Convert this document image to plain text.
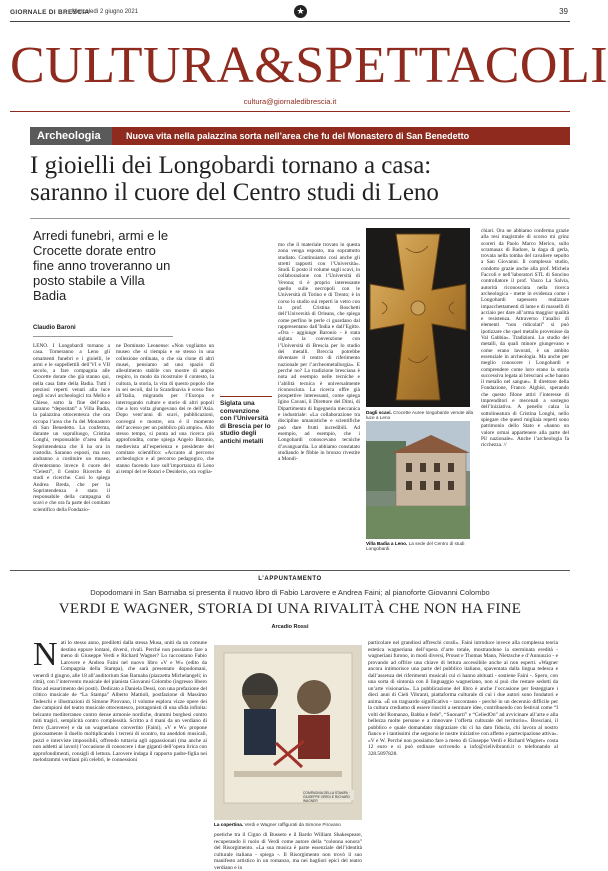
GIORNALE DI BRESCIA
Mercoledì 2 giugno 2021	★	39
CULTURA&SPETTACOLI
cultura@giornaledibrescia.it
Archeologia	Nuova vita nella palazzina sorta nell’area che fu del Monastero di San Benedetto
I gioielli dei Longobardi tornano a casa:
saranno il cuore del Centro studi di Leno
Arredi funebri, armi e le Crocette dorate entro fine anno troveranno un posto stabile a Villa Badia
Claudio Baroni

LENO. I Longobardi tornano a casa. Torneranno a Leno gli ornamenti funebri e i gioielli, le armi e le suppellettili dell’VI e VII secolo, a fare compagnia alle Crocette dorate che già stanno qui, nella casa fatte della Badia. Tutti i preziosi reperti venuti alla luce negli scavi archeologici tra Mello e Chiese, sotto la fine dell’anno saranno “depositati” a Villa Badia, la palazzina ottocentesca che ora occupa l’area che fu del Monastero di San Benedetto. La conferma, durante un sopralluogo, Cristina Longhi, responsabile d’area della Soprintendenza che li ha ora in custodia. Saranno esposti, ma non andranno a costituire un museo, diventeranno invece il cuore del “Celesti”, il Centro Ricerche di studi e ricerche. Così lo spiega Andrea Breda, che per la Soprintendenza è stato il responsabile della campagna di scavi e che ora fa parte del comitato scientifico della Fondazio-

ne Dominato Leonense: «Non vogliamo un museo che si riempia e se stesso in una collezione ordinata, o che sia clone di altri musei, pensiamo ad uno spazio di allestimento stabile con mostre di ampio respiro, in modo da ricostruire il contesto, la cultura, la storia, la vita di questo popolo che in sei secoli, dal la Scandinavia è sceso fino all’Italia, migrando per l’Europa e interrogando culture e storie di altri popoli che a loro volta giungevano dei re dell’Asia. Dopo vent’anni di scavi, pubblicazioni, convegni e mostre, ora è il momento dell’accesso per un pubblico più ampio». Allo stesso tempo, si punta ad una ricerca più approfondita, come spiega Angelo Baronio, medievista all’esperienza e presidente del comitato scientifico: «Accanto al percorso archeologico e al percorso pedagogico, che stanno facendo luce sull’importanza di Leno ai tempi del re Rotari e Desiderio, ora voglia-

Siglata una convenzione con l’Università di Brescia per lo studio degli antichi metalli

mo che il materiale trovato in questa zona venga esposto, ma soprattutto studiato. Continuiamo così anche gli stretti rapporti con l’Università». Studi. E posto il volume sugli scavi, in collaborazione con l’Università di Verona; ti è proprio interessante quello sulle necropoli con le Università di Torino e di Trento; è in corso lo studio sui reperti in vetro con la prof. Cristina Boschetti dell’Università di Orleans, che spiega come perfino le perle ci guardano dal rappresentano dall’India e dall’Egitto. «Ora - aggiunge Baronio - è stata siglata la convenzione con l’Università di Brescia per lo studio dei metalli. Breccia potrebbe diventare il centro di riferimento nazionale per l’archeometallurgia». E perché no? La tradizione bresciana è nota ad esempio nelle tecniche e l’abilità tecnica è universalmente riconosciuta. La ricerca offre già prospettive interessanti, come spiega Igino Cavani, il Direttore del Dimi, di Dipartimento di Ingegneria meccanica e industriale: «La collaborazione tra discipline umanistiche e scientifiche può dare frutti incredibili. Ad esempio, ad esempio, che i Longobardi conoscevano tecniche d’avanguardia. Lo abbiamo constatato studiando le fibbie in bronzo rivestite a Mondi-

Dagli scavi. Crocette Auree longobarde venute alla luce a Leno
Villa Badia a Leno. La sede del Centro di studi Longobardi

chiari. Ora ne abbiamo conferma grazie alla resi magistrale di scorso mi grinz scoreri da Paolo Marco Merico, sullo scramasax di Badore, la daga di gerla, trovata nella tomba del cavaliere sepolto a San Giovanni. Il complesso studio, condotto grazie anche alla prof. Michela Faccoli e nell’laboratori STL di Soncino controllatore il prof. Vasco La Salvia, autorità riconosciuta nella ricerca archeologica - mette in evidenza come i Longobardi sapessero realizzare impacchettamenti di lame e di masselli di acciaio per dare all’arma maggior qualità e resistenza. Attraverso l’analisi di elementi “non ridicolati” si può ipotizzare che quel metallo provenisse da Val Gabbia». Tradizioni. Lo studio dei metalli, da quali minore giungevano e come erano lavorati, è un ambito essenziale in archeologia. Ma anche per meglio conoscere i Longobardi e comprendere come loro erano la storia successiva legata ai bresciani «che hanno il metallo nel sangue». Il direttore della Fondazione, Franco Alghisi, sperando che questo filone attiri l’interesse di imprenditori e mecenati a sostegno dell’iniziativa. A penello calza la sottolineatura di Cristina Longhi, nello spiegare che questi migliaia reperti sono patrimonio dello Stato e «hanno un valore ormai appartenere alla parte del Pil nazionale». Anche l’archeologia fa ricchezza. //

L’APPUNTAMENTO
Dopodomani in San Barnaba si presenta il nuovo libro di Fabio Larovere e Andrea Faini; al pianoforte Giovanni Colombo
VERDI E WAGNER, STORIA DI UNA RIVALITÀ CHE NON HA FINE
Arcadio Rossi
N ati lo stesso anno, prediletti dalla stessa Musa, uniti da un comune destino eppure lontani, diversi, rivali. Perché non possiamo fare a meno di Giuseppe Verdi e Richard Wagner? Lo raccontano Fabio Larovere e Andrea Faini nel nuovo libro «V e W» (edito da Compagnia della Stampa), che sarà presentato dopodomani, venerdì 4 giugno, alle 18 all’auditorium San Barnaba (piazzetta Michelangeli; in città), con l’intervento musicale del pianista Giovanni Colombo (ingresso libero fino ad esaurimento dei posti). Dedicato a Daniela Dessì, con una prefazione del critico musicale de “La Stampa” Alberto Mattioli, postfazione di Massimo Tedeschi e illustrazioni di Simone Pirovano, il volume esplora vizze opere dei due campioni del teatro musicale ottocentesco, protagonisti di una sfida infinita: belcanto mediterraneo contro dense armonie nordiche, drammi borghesi contro miti tragici, semplicità contro complessità. Scritto a 4 mani da un verdiano di ferro (Larovere) e da un wagneriano convertito (Faini), «V e W» propone giocosamente il duello moltiplicando i terreni di scontro, tra aneddoti musicali, pezzi e interviste impossibili, offrendo tuttavia agli appassionati (ma anche ai non addetti ai lavori) l’occasione di conoscere i due giganti dell’opera lirica con approfondimenti, consigli di lettura. Larovere indaga il rapporto padre-figlia nei melodrammi verdiani più celebri, le connessioni
COMPAGNIA DELLA STAMPA · GIUSEPPE VERDI E RICHARD WAGNER
La copertina. Verdi e Wagner raffigurati da Simone Pirovano
particolare nei grandiosi affreschi corali». Faini introduce invece alla complessa teoria estetica wagneriana dell’opera d’arte totale, mostrandone la sterminata eredità - wagneriani furono, in modi diversi, Proust e Thomas Mann, Nietzsche e d’Annunzio - e provando ad offrire una chiave di lettura accessibile anche ai non esperti. «Wagner ancora intimorisce una parte del pubblico italiano, spaventata dalla lingua tedesca e dall’assenza dei riferimenti musicali cui ci hanno abituati - sostiene Faini -. Spero, con una sorta di sintonia con il linguaggio wagneriano, non si può che restare sedotti da un’arte visionaria». La pubblicazione del libro è anche l’occasione per festeggiare i dieci anni di Cieli Vibranti, piattaforma culturale di cui i due autori sono fondatori e anima. «È un traguardo significativo - raccontano - perché in un decennio difficile per la cultura crediamo di essere riusciti a seminare idee, contribuendo con festival come “I volti del Romanzo, Babba e fede”, “Suonarti” e “CeliedOn” ad avvicinare all’arte e alla bellezza molte persone e a rinnovare l’offerta culturale del territorio». Bresciani, il pubblico e quale domandato ringraziare chi ci ha dato fiducia, chi lavora al nostro fianco e i tantissimi che seguono le nostre iniziative con affetto e partecipazione attiva». «V e W. Perché non possiamo fare a meno di Giuseppe Verdi e Richard Wagner» costa 12 euro e si può ordinare scrivendo a info@cielivibranti.it o telefonando al 328.5897828.
poetiche tra il Cigno di Busseto e il Bardo William Shakespeare, recuperando il ruolo di Verdi come autore della “colonna sonora” del Risorgimento. «La sua musica è parte essenziale dell’identità culturale italiana - spiega -. Il Risorgimento non trovò il suo manifesto artistico in un romanzo, ma nei bagliori epici del teatro verdiano e in
